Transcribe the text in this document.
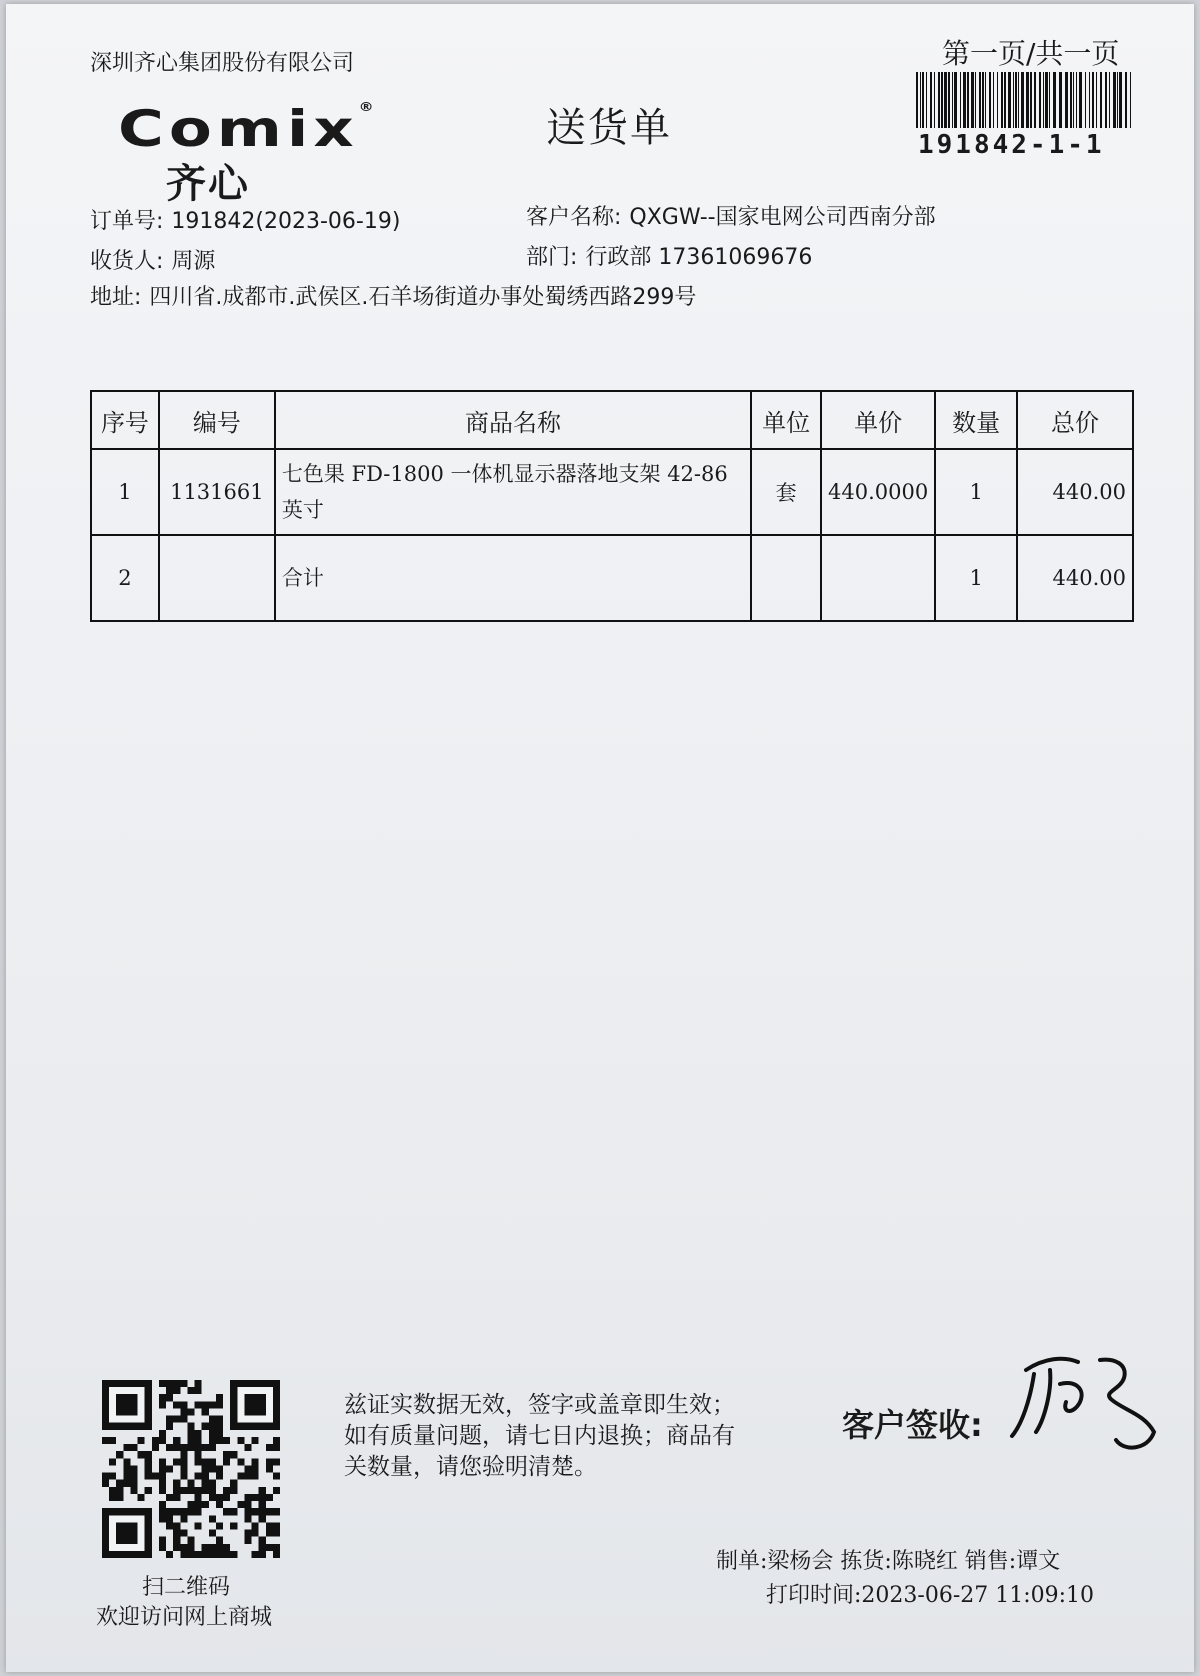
深圳齐心集团股份有限公司	第一页/共一页
191842-1-1
Comix®
齐心
送货单
订单号: 191842(2023-06-19)	客户名称: QXGW--国家电网公司西南分部
收货人: 周源	部门: 行政部 17361069676
地址: 四川省.成都市.武侯区.石羊场街道办事处蜀绣西路299号
序号	编号	商品名称	单位	单价	数量	总价
1	1131661	七色果 FD-1800 一体机显示器落地支架 42-86英寸	套	440.0000	1	440.00
2		合计			1	440.00
扫二维码
欢迎访问网上商城
兹证实数据无效，签字或盖章即生效；如有质量问题，请七日内退换；商品有关数量，请您验明清楚。
客户签收:
制单:梁杨会 拣货:陈晓红 销售:谭文
打印时间:2023-06-27 11:09:10
